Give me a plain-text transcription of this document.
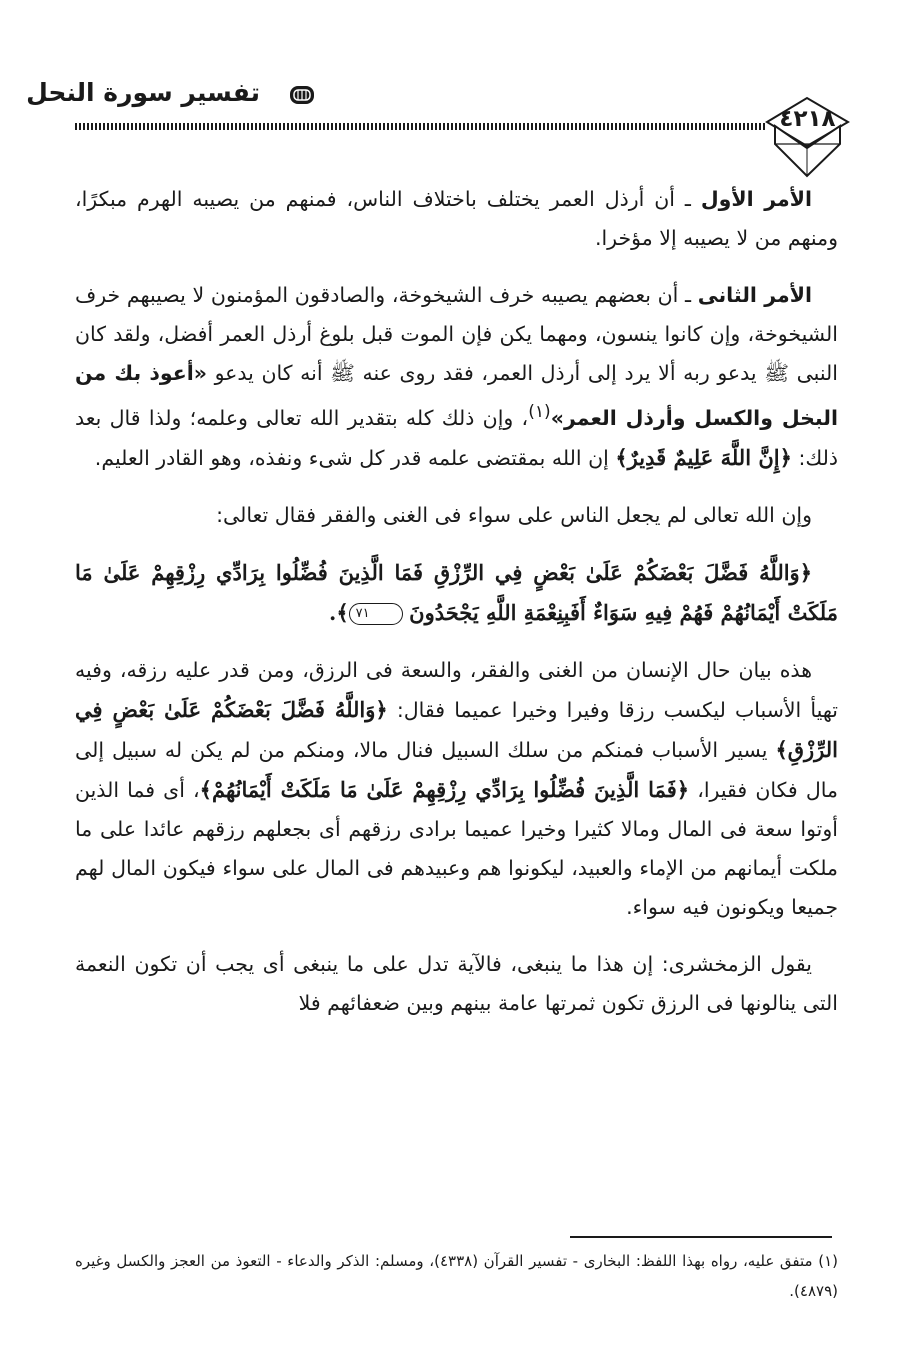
تفسير سورة النحل
٤٢١٨

الأمر الأول ـ أن أرذل العمر يختلف باختلاف الناس، فمنهم من يصيبه الهرم مبكرًا، ومنهم من لا يصيبه إلا مؤخرا.

الأمر الثانى ـ أن بعضهم يصيبه خرف الشيخوخة، والصادقون المؤمنون لا يصيبهم خرف الشيخوخة، وإن كانوا ينسون، ومهما يكن فإن الموت قبل بلوغ أرذل العمر أفضل، ولقد كان النبى ﷺ يدعو ربه ألا يرد إلى أرذل العمر، فقد روى عنه ﷺ أنه كان يدعو «أعوذ بك من البخل والكسل وأرذل العمر»$^{(١)}$، وإن ذلك كله بتقدير الله تعالى وعلمه؛ ولذا قال بعد ذلك: ﴿إِنَّ اللَّهَ عَلِيمٌ قَدِيرٌ﴾ إن الله بمقتضى علمه قدر كل شىء ونفذه، وهو القادر العليم.

وإن الله تعالى لم يجعل الناس على سواء فى الغنى والفقر فقال تعالى:

﴿وَاللَّهُ فَضَّلَ بَعْضَكُمْ عَلَىٰ بَعْضٍ فِي الرِّزْقِ فَمَا الَّذِينَ فُضِّلُوا بِرَادِّي رِزْقِهِمْ عَلَىٰ مَا مَلَكَتْ أَيْمَانُهُمْ فَهُمْ فِيهِ سَوَاءٌ أَفَبِنِعْمَةِ اللَّهِ يَجْحَدُونَ ٧١﴾.

هذه بيان حال الإنسان من الغنى والفقر، والسعة فى الرزق، ومن قدر عليه رزقه، وفيه تهيأ الأسباب ليكسب رزقا وفيرا وخيرا عميما فقال: ﴿وَاللَّهُ فَضَّلَ بَعْضَكُمْ عَلَىٰ بَعْضٍ فِي الرِّزْقِ﴾ يسير الأسباب فمنكم من سلك السبيل فنال مالا، ومنكم من لم يكن له سبيل إلى مال فكان فقيرا، ﴿فَمَا الَّذِينَ فُضِّلُوا بِرَادِّي رِزْقِهِمْ عَلَىٰ مَا مَلَكَتْ أَيْمَانُهُمْ﴾، أى فما الذين أوتوا سعة فى المال ومالا كثيرا وخيرا عميما برادى رزقهم أى بجعلهم رزقهم عائدا على ما ملكت أيمانهم من الإماء والعبيد، ليكونوا هم وعبيدهم فى المال على سواء فيكون المال لهم جميعا ويكونون فيه سواء.

يقول الزمخشرى: إن هذا ما ينبغى، فالآية تدل على ما ينبغى أى يجب أن تكون النعمة التى ينالونها فى الرزق تكون ثمرتها عامة بينهم وبين ضعفائهم فلا

(١) متفق عليه، رواه بهذا اللفظ: البخارى - تفسير القرآن (٤٣٣٨)، ومسلم: الذكر والدعاء - التعوذ من العجز والكسل وغيره (٤٨٧٩).
